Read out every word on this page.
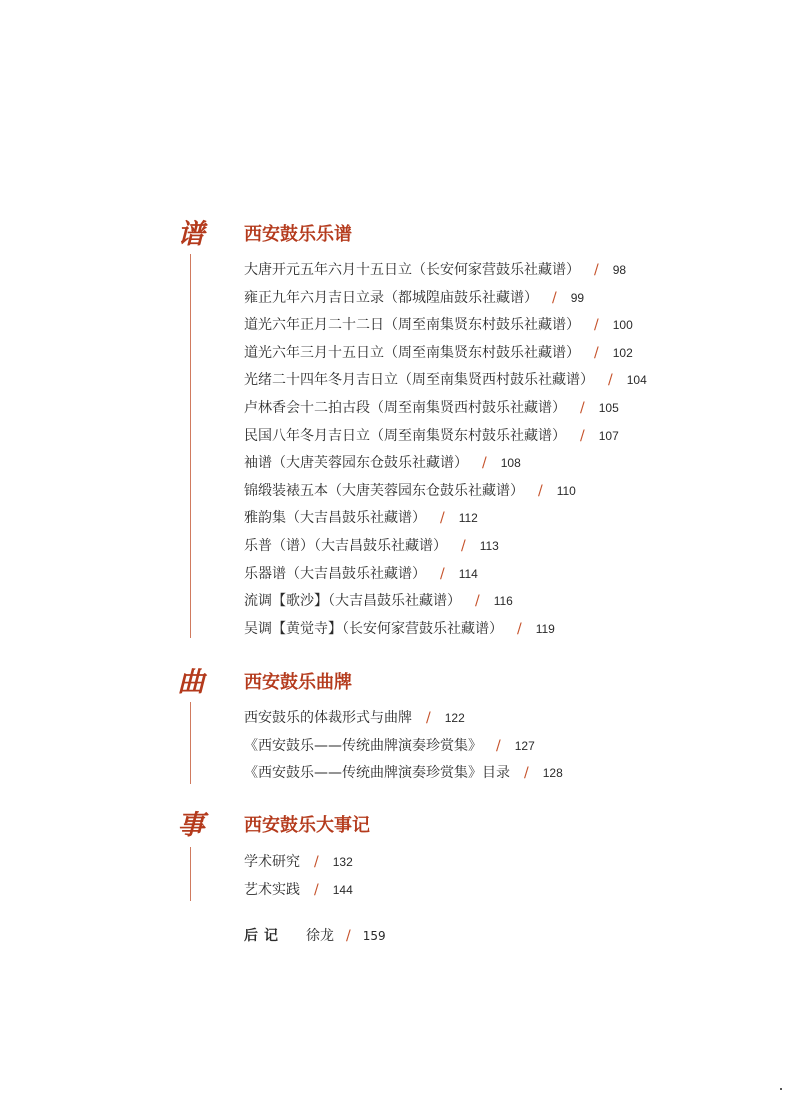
谱 西安鼓乐乐谱
大唐开元五年六月十五日立（长安何家营鼓乐社藏谱） / 98
雍正九年六月吉日立录（都城隍庙鼓乐社藏谱） / 99
道光六年正月二十二日（周至南集贤东村鼓乐社藏谱） / 100
道光六年三月十五日立（周至南集贤东村鼓乐社藏谱） / 102
光绪二十四年冬月吉日立（周至南集贤西村鼓乐社藏谱） / 104
卢林香会十二拍古段（周至南集贤西村鼓乐社藏谱） / 105
民国八年冬月吉日立（周至南集贤东村鼓乐社藏谱） / 107
袖谱（大唐芙蓉园东仓鼓乐社藏谱） / 108
锦缎装裱五本（大唐芙蓉园东仓鼓乐社藏谱） / 110
雅韵集（大吉昌鼓乐社藏谱） / 112
乐普（谱）（大吉昌鼓乐社藏谱） / 113
乐器谱（大吉昌鼓乐社藏谱） / 114
流调【歌沙】（大吉昌鼓乐社藏谱） / 116
吴调【黄觉寺】（长安何家营鼓乐社藏谱） / 119
曲 西安鼓乐曲牌
西安鼓乐的体裁形式与曲牌 / 122
《西安鼓乐——传统曲牌演奏珍赏集》 / 127
《西安鼓乐——传统曲牌演奏珍赏集》目录 / 128
事 西安鼓乐大事记
学术研究 / 132
艺术实践 / 144
后记 徐龙 / 159
